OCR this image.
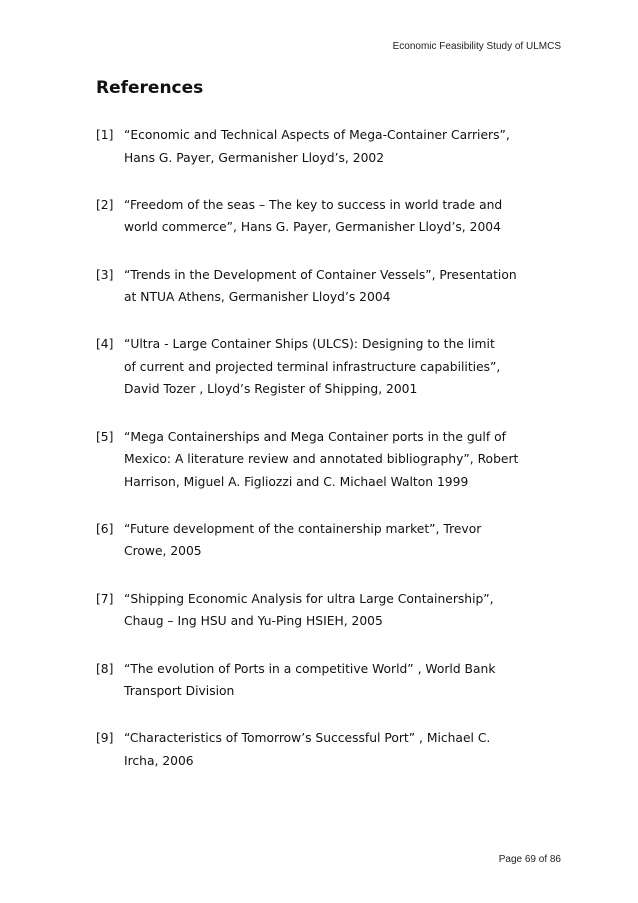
Economic Feasibility Study of ULMCS
References
[1] “Economic and Technical Aspects of Mega-Container Carriers”,
Hans G. Payer, Germanisher Lloyd’s, 2002
[2] “Freedom of the seas – The key to success in world trade and
world commerce”, Hans G. Payer, Germanisher Lloyd’s, 2004
[3] “Trends in the Development of Container Vessels”, Presentation
at NTUA Athens, Germanisher Lloyd’s 2004
[4] “Ultra - Large Container Ships (ULCS): Designing to the limit
of current and projected terminal infrastructure capabilities”,
David Tozer , Lloyd’s Register of Shipping, 2001
[5] “Mega Containerships and Mega Container ports in the gulf of
Mexico: A literature review and annotated bibliography”, Robert
Harrison, Miguel A. Figliozzi and C. Michael Walton 1999
[6] “Future development of the containership market”, Trevor
Crowe, 2005
[7] “Shipping Economic Analysis for ultra Large Containership”,
Chaug – Ing HSU and Yu-Ping HSIEH, 2005
[8] “The evolution of Ports in a competitive World” , World Bank
Transport Division
[9] “Characteristics of Tomorrow’s Successful Port” , Michael C.
Ircha, 2006
Page 69 of 86
